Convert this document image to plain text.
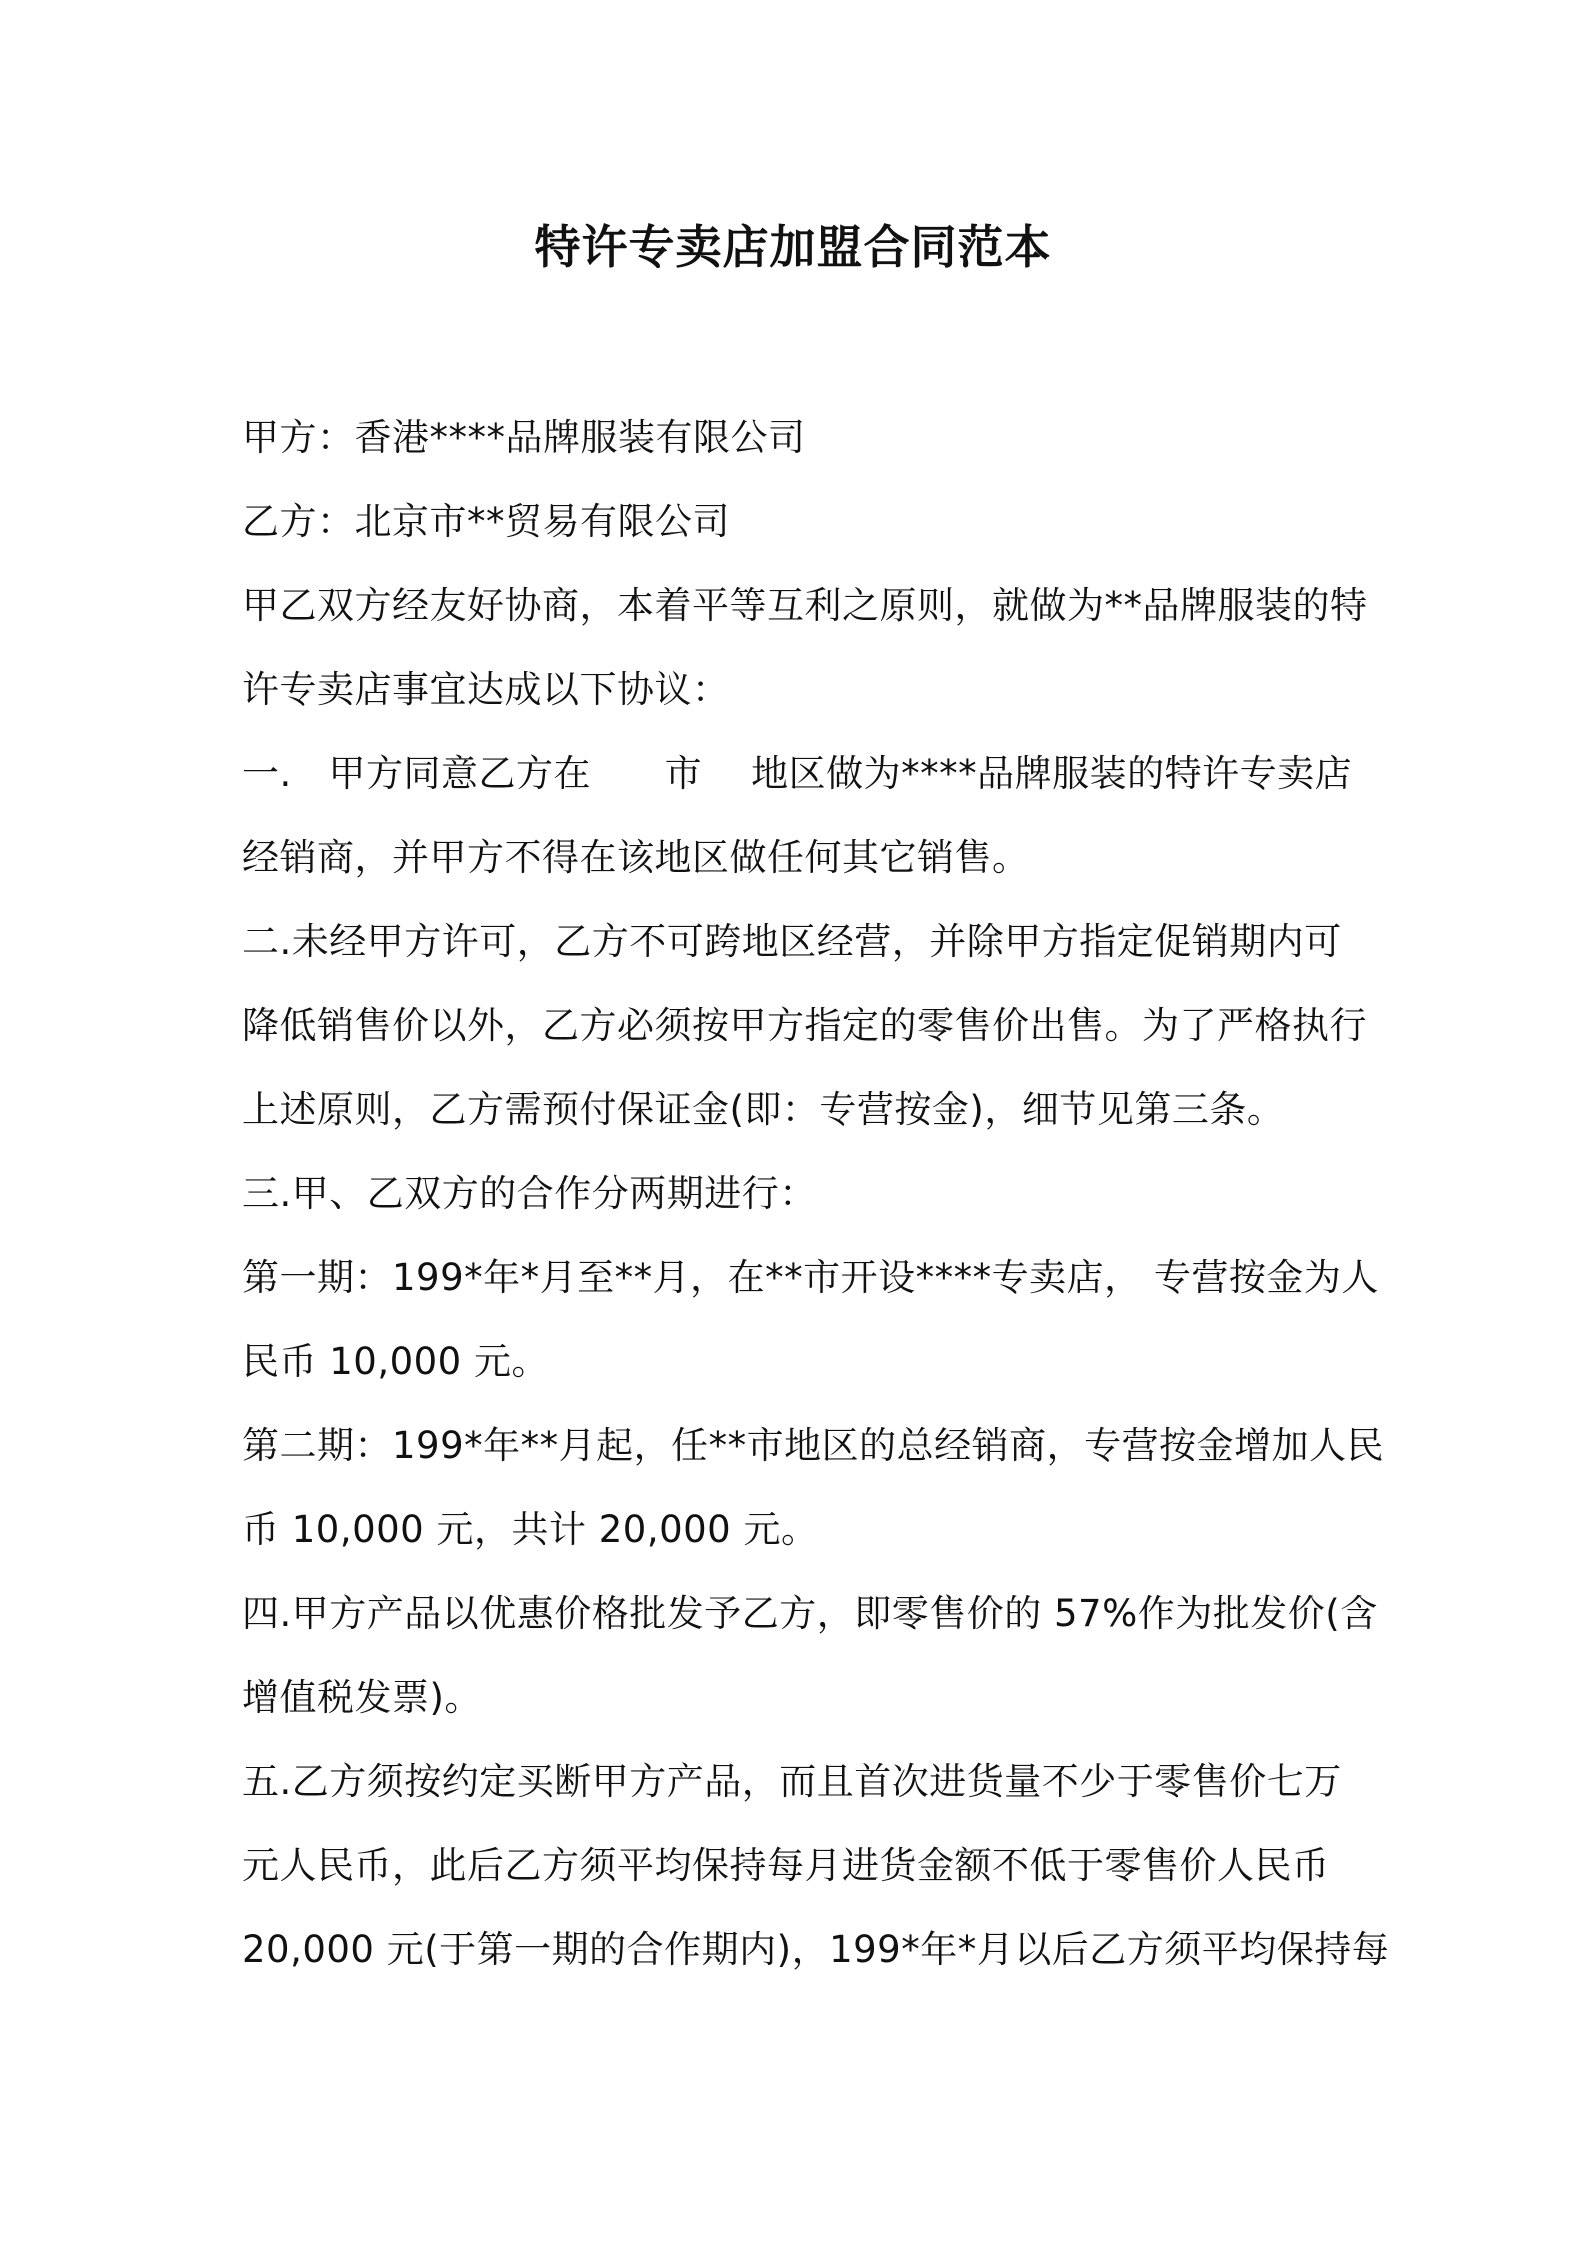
特许专卖店加盟合同范本
甲方：香港****品牌服装有限公司
乙方：北京市**贸易有限公司
甲乙双方经友好协商，本着平等互利之原则，就做为**品牌服装的特
许专卖店事宜达成以下协议：
一.   甲方同意乙方在      市    地区做为****品牌服装的特许专卖店
经销商，并甲方不得在该地区做任何其它销售。
二.未经甲方许可，乙方不可跨地区经营，并除甲方指定促销期内可
降低销售价以外，乙方必须按甲方指定的零售价出售。为了严格执行
上述原则，乙方需预付保证金(即：专营按金)，细节见第三条。
三.甲、乙双方的合作分两期进行：
第一期：199*年*月至**月，在**市开设****专卖店， 专营按金为人
民币 10,000 元。
第二期：199*年**月起，任**市地区的总经销商，专营按金增加人民
币 10,000 元，共计 20,000 元。
四.甲方产品以优惠价格批发予乙方，即零售价的 57%作为批发价(含
增值税发票)。
五.乙方须按约定买断甲方产品，而且首次进货量不少于零售价七万
元人民币，此后乙方须平均保持每月进货金额不低于零售价人民币
20,000 元(于第一期的合作期内)，199*年*月以后乙方须平均保持每
